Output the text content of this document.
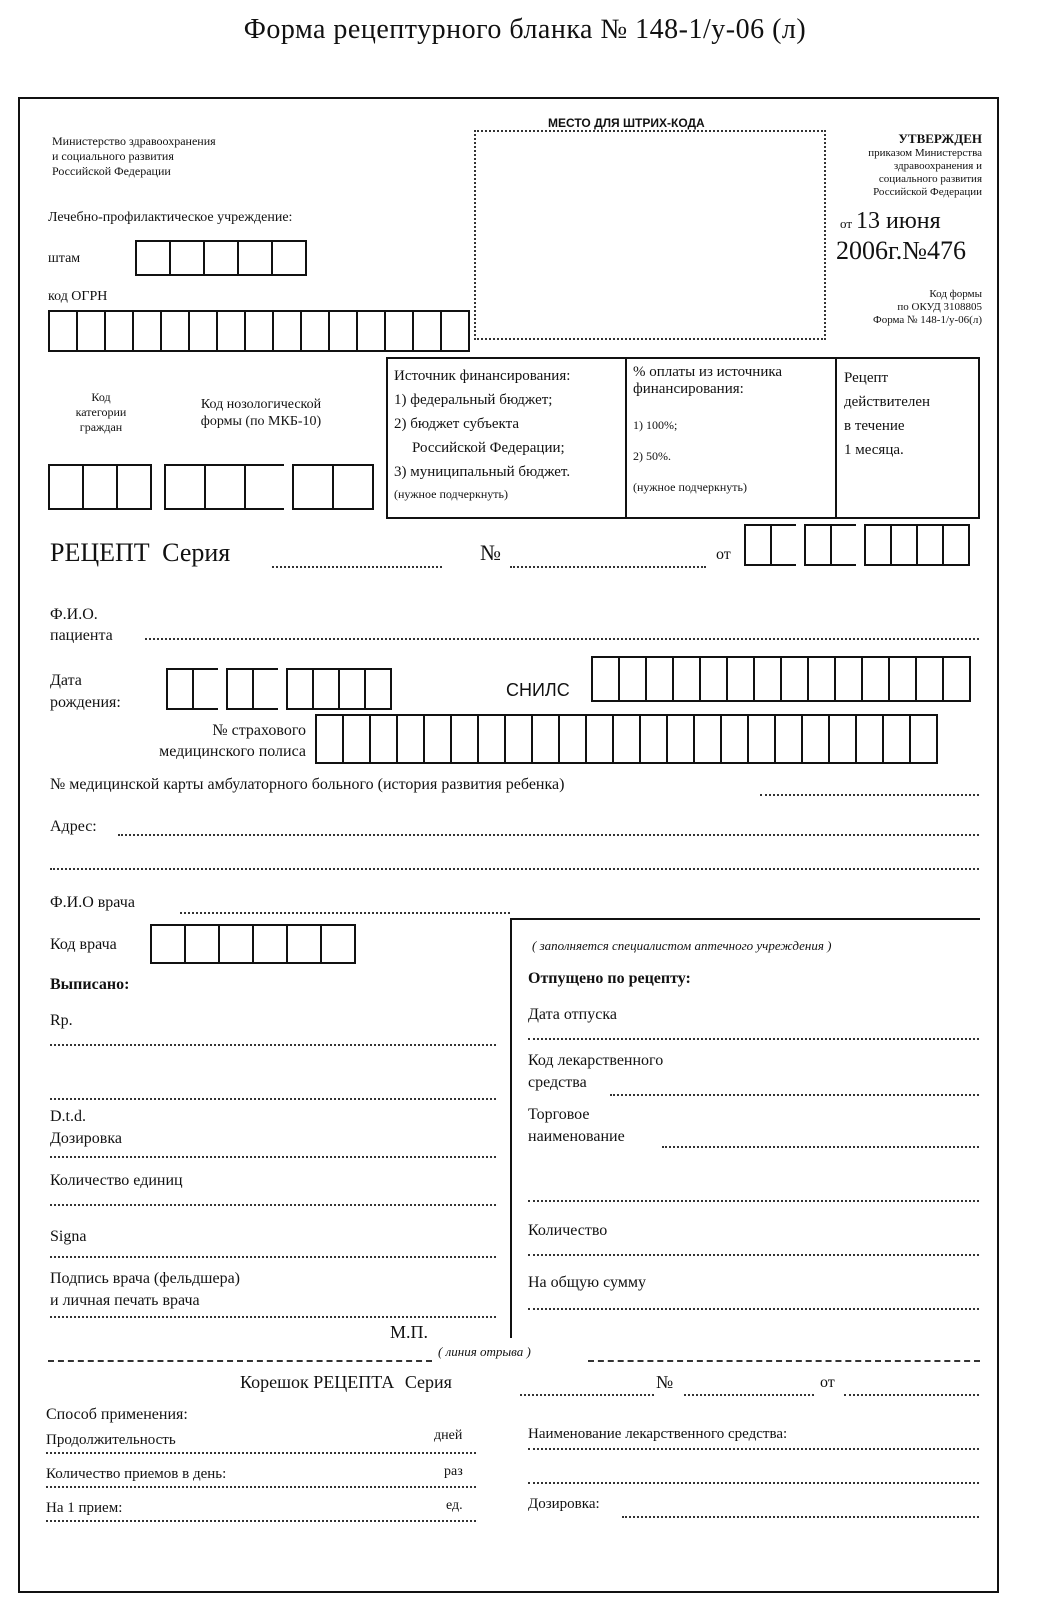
Форма рецептурного бланка № 148-1/у-06 (л)
Министерство здравоохранения
и социального развития
Российской Федерации
Лечебно-профилактическое учреждение:
штам
код ОГРН
МЕСТО ДЛЯ ШТРИХ-КОДА
УТВЕРЖДЕН
приказом Министерства
здравоохранения и
социального развития
Российской Федерации
от 13 июня
2006г.№476
Код формы
по ОКУД 3108805
Форма № 148-1/у-06(л)
Код
категории
граждан
Код нозологической
формы (по МКБ-10)
Источник финансирования:
1) федеральный бюджет;
2) бюджет субъекта
Российской Федерации;
3) муниципальный бюджет.
(нужное подчеркнуть)
% оплаты из источника
финансирования:
1) 100%;
2) 50%.
(нужное подчеркнуть)
Рецепт
действителен
в течение
1 месяца.
РЕЦЕПТ Серия	№	от
Ф.И.О.
пациента
Дата
рождения:
СНИЛС
№ страхового
медицинского полиса
№ медицинской карты амбулаторного больного (история развития ребенка)
Адрес:
Ф.И.О врача
Код врача
Выписано:
Rp.
D.t.d.
Дозировка
Количество единиц
Signa
Подпись врача (фельдшера)
и личная печать врача
М.П.
( заполняется специалистом аптечного учреждения )
Отпущено по рецепту:
Дата отпуска
Код лекарственного
средства
Торговое
наименование
Количество
На общую сумму
( линия отрыва )
Корешок РЕЦЕПТА Серия	№	от
Способ применения:
Продолжительность	дней
Количество приемов в день:	раз
На 1 прием:	ед.
Наименование лекарственного средства:
Дозировка:
